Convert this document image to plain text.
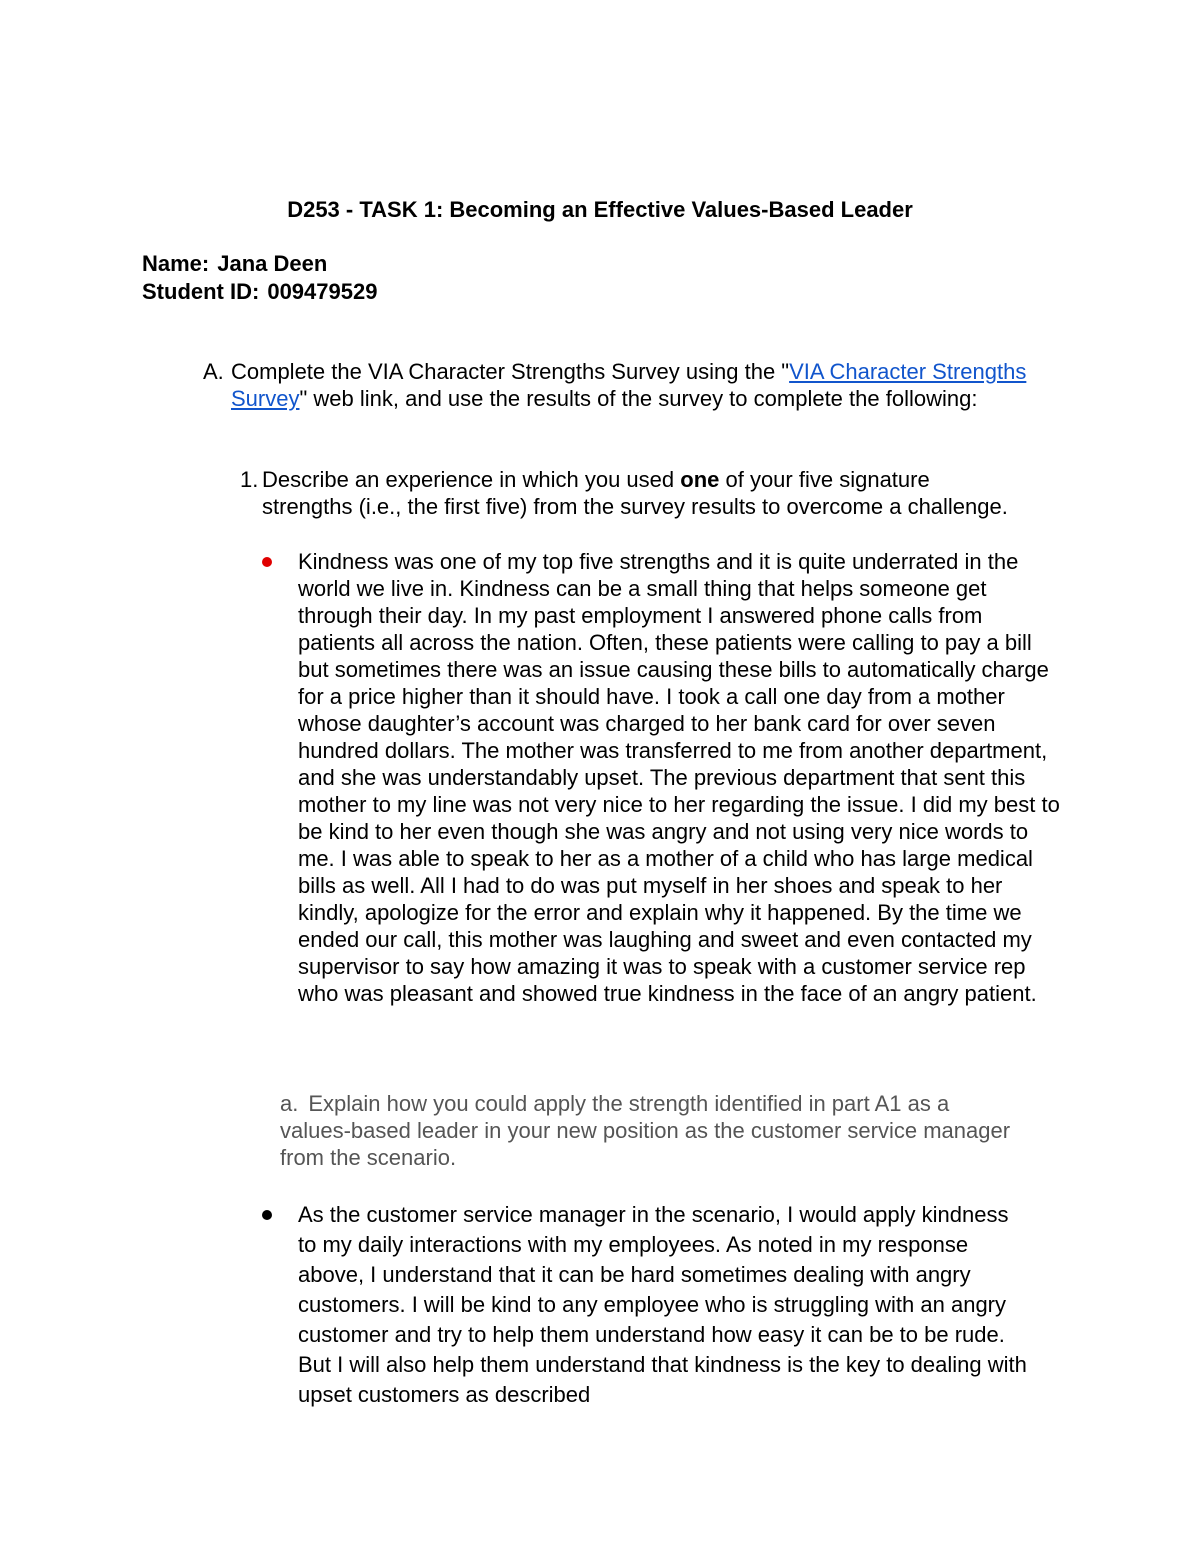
D253 - TASK 1: Becoming an Effective Values-Based Leader
Name: Jana Deen
Student ID: 009479529
A. Complete the VIA Character Strengths Survey using the "VIA Character Strengths Survey" web link, and use the results of the survey to complete the following:
1. Describe an experience in which you used one of your five signature strengths (i.e., the first five) from the survey results to overcome a challenge.
Kindness was one of my top five strengths and it is quite underrated in the world we live in. Kindness can be a small thing that helps someone get through their day. In my past employment I answered phone calls from patients all across the nation. Often, these patients were calling to pay a bill but sometimes there was an issue causing these bills to automatically charge for a price higher than it should have. I took a call one day from a mother whose daughter’s account was charged to her bank card for over seven hundred dollars. The mother was transferred to me from another department, and she was understandably upset. The previous department that sent this mother to my line was not very nice to her regarding the issue. I did my best to be kind to her even though she was angry and not using very nice words to me. I was able to speak to her as a mother of a child who has large medical bills as well. All I had to do was put myself in her shoes and speak to her kindly, apologize for the error and explain why it happened. By the time we ended our call, this mother was laughing and sweet and even contacted my supervisor to say how amazing it was to speak with a customer service rep who was pleasant and showed true kindness in the face of an angry patient.
a. Explain how you could apply the strength identified in part A1 as a values-based leader in your new position as the customer service manager from the scenario.
As the customer service manager in the scenario, I would apply kindness to my daily interactions with my employees. As noted in my response above, I understand that it can be hard sometimes dealing with angry customers. I will be kind to any employee who is struggling with an angry customer and try to help them understand how easy it can be to be rude. But I will also help them understand that kindness is the key to dealing with upset customers as described
